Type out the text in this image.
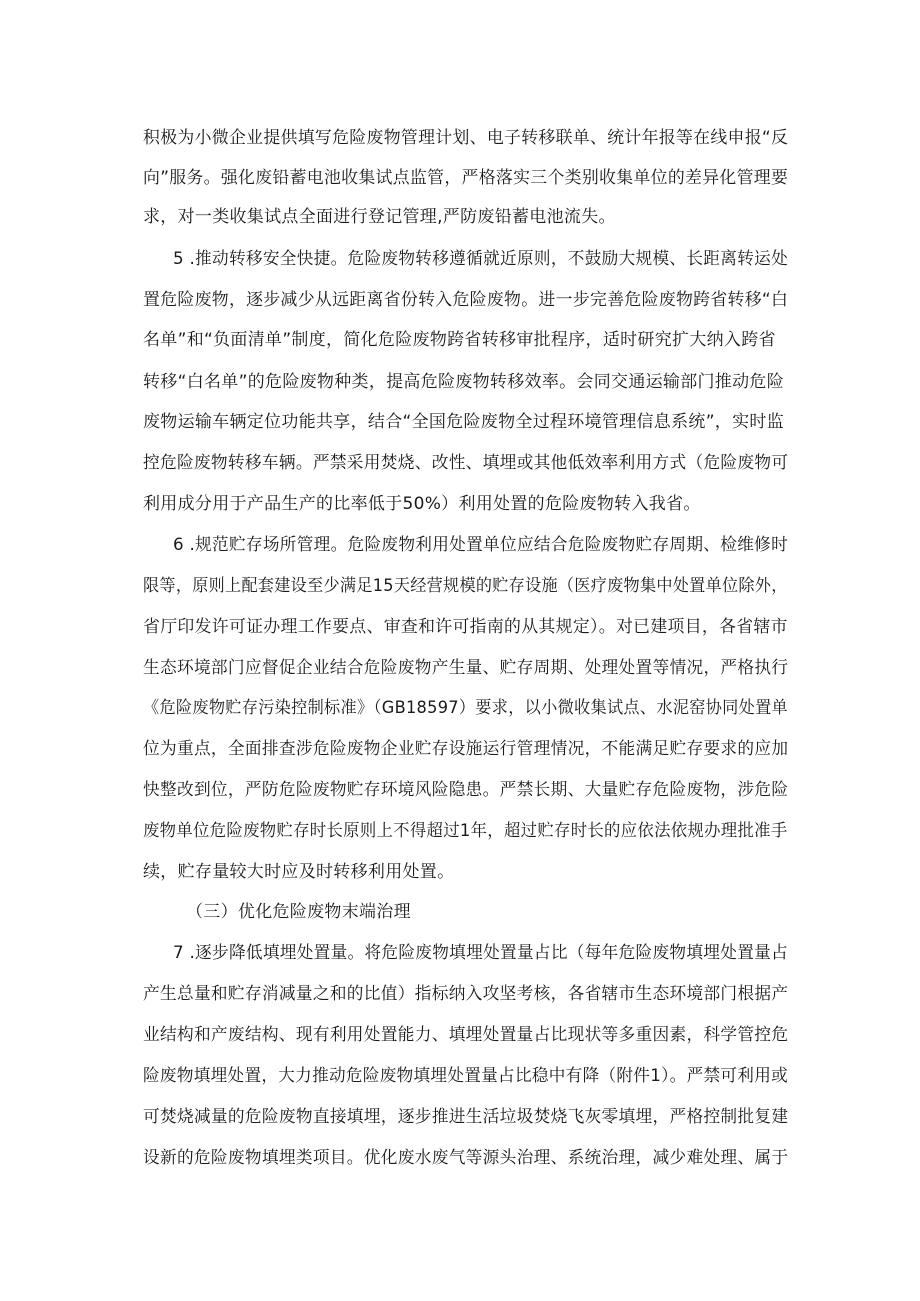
积极为小微企业提供填写危险废物管理计划、电子转移联单、统计年报等在线申报“反
向”服务。强化废铅蓄电池收集试点监管，严格落实三个类别收集单位的差异化管理要
求，对一类收集试点全面进行登记管理,严防废铅蓄电池流失。
5 .推动转移安全快捷。危险废物转移遵循就近原则，不鼓励大规模、长距离转运处
置危险废物，逐步减少从远距离省份转入危险废物。进一步完善危险废物跨省转移“白
名单”和“负面清单”制度，简化危险废物跨省转移审批程序，适时研究扩大纳入跨省
转移“白名单”的危险废物种类，提高危险废物转移效率。会同交通运输部门推动危险
废物运输车辆定位功能共享，结合“全国危险废物全过程环境管理信息系统”，实时监
控危险废物转移车辆。严禁采用焚烧、改性、填埋或其他低效率利用方式（危险废物可
利用成分用于产品生产的比率低于50%）利用处置的危险废物转入我省。
6 .规范贮存场所管理。危险废物利用处置单位应结合危险废物贮存周期、检维修时
限等，原则上配套建设至少满足15天经营规模的贮存设施（医疗废物集中处置单位除外，
省厅印发许可证办理工作要点、审查和许可指南的从其规定）。对已建项目，各省辖市
生态环境部门应督促企业结合危险废物产生量、贮存周期、处理处置等情况，严格执行
《危险废物贮存污染控制标准》（GB18597）要求，以小微收集试点、水泥窑协同处置单
位为重点，全面排查涉危险废物企业贮存设施运行管理情况，不能满足贮存要求的应加
快整改到位，严防危险废物贮存环境风险隐患。严禁长期、大量贮存危险废物，涉危险
废物单位危险废物贮存时长原则上不得超过1年，超过贮存时长的应依法依规办理批准手
续，贮存量较大时应及时转移利用处置。
（三）优化危险废物末端治理
7 .逐步降低填埋处置量。将危险废物填埋处置量占比（每年危险废物填埋处置量占
产生总量和贮存消减量之和的比值）指标纳入攻坚考核，各省辖市生态环境部门根据产
业结构和产废结构、现有利用处置能力、填埋处置量占比现状等多重因素，科学管控危
险废物填埋处置，大力推动危险废物填埋处置量占比稳中有降（附件1）。严禁可利用或
可焚烧减量的危险废物直接填埋，逐步推进生活垃圾焚烧飞灰零填埋，严格控制批复建
设新的危险废物填埋类项目。优化废水废气等源头治理、系统治理，减少难处理、属于
